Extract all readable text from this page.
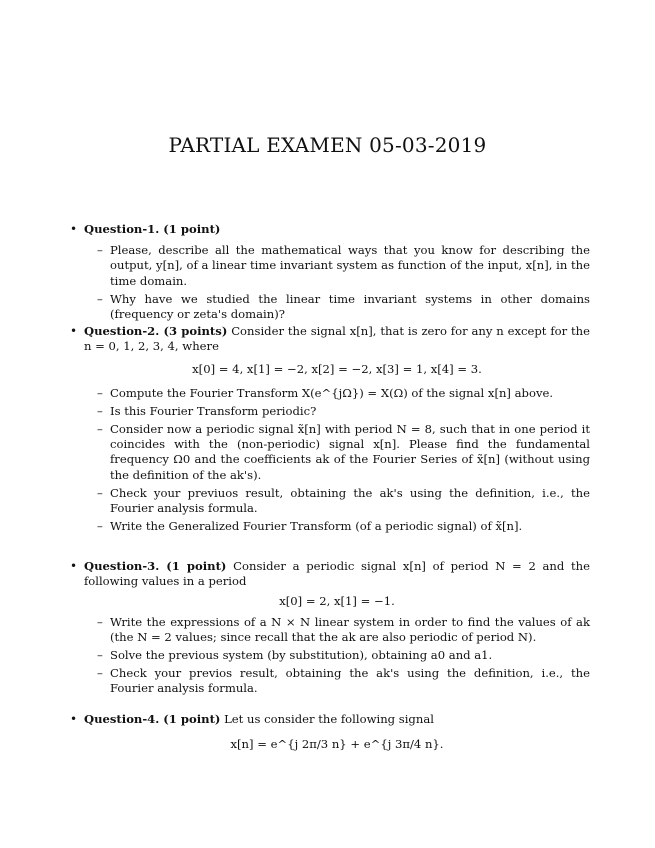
PARTIAL EXAMEN 05-03-2019
• Question-1. (1 point)
– Please, describe all the mathematical ways that you know for describing the output, y[n], of a linear time invariant system as function of the input, x[n], in the time domain.
– Why have we studied the linear time invariant systems in other domains (frequency or zeta's domain)?
• Question-2. (3 points) Consider the signal x[n], that is zero for any n except for the n = 0, 1, 2, 3, 4, where
x[0] = 4, x[1] = −2, x[2] = −2, x[3] = 1, x[4] = 3.
– Compute the Fourier Transform X(e^{jΩ}) = X(Ω) of the signal x[n] above.
– Is this Fourier Transform periodic?
– Consider now a periodic signal x̃[n] with period N = 8, such that in one period it coincides with the (non-periodic) signal x[n]. Please find the fundamental frequency Ω0 and the coefficients ak of the Fourier Series of x̃[n] (without using the definition of the ak's).
– Check your previuos result, obtaining the ak's using the definition, i.e., the Fourier analysis formula.
– Write the Generalized Fourier Transform (of a periodic signal) of x̃[n].
• Question-3. (1 point) Consider a periodic signal x[n] of period N = 2 and the following values in a period
x[0] = 2, x[1] = −1.
– Write the expressions of a N × N linear system in order to find the values of ak (the N = 2 values; since recall that the ak are also periodic of period N).
– Solve the previous system (by substitution), obtaining a0 and a1.
– Check your previos result, obtaining the ak's using the definition, i.e., the Fourier analysis formula.
• Question-4. (1 point) Let us consider the following signal
x[n] = e^{j 2π/3 n} + e^{j 3π/4 n}.
